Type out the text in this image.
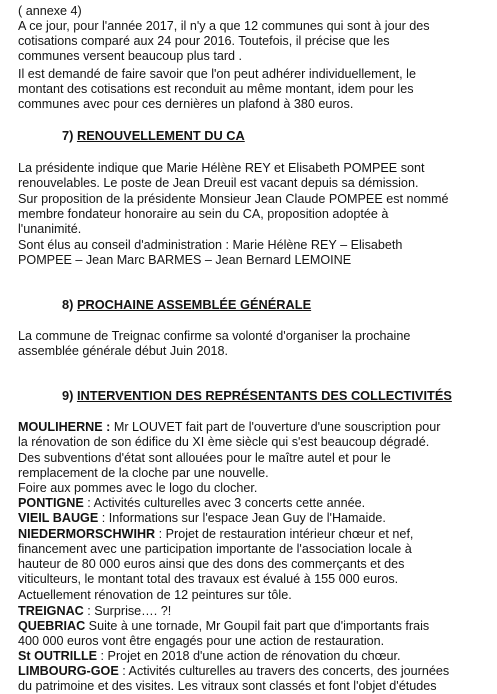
( annexe 4)
A ce jour, pour l'année 2017, il n'y a que 12 communes qui sont à jour des
cotisations comparé aux 24 pour 2016. Toutefois, il précise que les
communes versent beaucoup plus tard .
Il est demandé de faire savoir que l'on peut adhérer individuellement, le
montant des cotisations est reconduit au même montant, idem pour les
communes avec pour ces dernières un plafond à 380 euros.
7) RENOUVELLEMENT DU CA
La présidente indique que Marie Hélène REY et Elisabeth POMPEE sont
renouvelables. Le poste de Jean Dreuil est vacant depuis sa démission.
Sur proposition de la présidente Monsieur Jean Claude POMPEE est nommé
membre fondateur honoraire au sein du CA, proposition adoptée à
l'unanimité.
Sont élus au conseil d'administration : Marie Hélène REY – Elisabeth
POMPEE – Jean Marc BARMES – Jean Bernard LEMOINE
8) PROCHAINE ASSEMBLÉE GÉNÉRALE
La commune de Treignac confirme sa volonté d'organiser la prochaine
assemblée générale début Juin 2018.
9) INTERVENTION DES REPRÉSENTANTS DES COLLECTIVITÉS
MOULIHERNE : Mr LOUVET fait part de l'ouverture d'une souscription pour
la rénovation de son édifice du XI ème siècle qui s'est beaucoup dégradé.
Des subventions d'état sont allouées pour le maître autel et pour le
remplacement de la cloche par une nouvelle.
Foire aux pommes avec le logo du clocher.
PONTIGNE : Activités culturelles avec 3 concerts cette année.
VIEIL BAUGE : Informations sur l'espace Jean Guy de l'Hamaide.
NIEDERMORSCHWIHR : Projet de restauration intérieur chœur et nef,
financement avec une participation importante de l'association locale à
hauteur de 80 000 euros ainsi que des dons des commerçants et des
viticulteurs, le montant total des travaux est évalué à 155 000 euros.
Actuellement rénovation de 12 peintures sur tôle.
TREIGNAC : Surprise…. ?!
QUEBRIAC Suite à une tornade, Mr Goupil fait part que d'importants frais
400 000 euros vont être engagés pour une action de restauration.
St OUTRILLE : Projet en 2018 d'une action de rénovation du chœur.
LIMBOURG-GOE : Activités culturelles au travers des concerts, des journées
du patrimoine et des visites. Les vitraux sont classés et font l'objet d'études
